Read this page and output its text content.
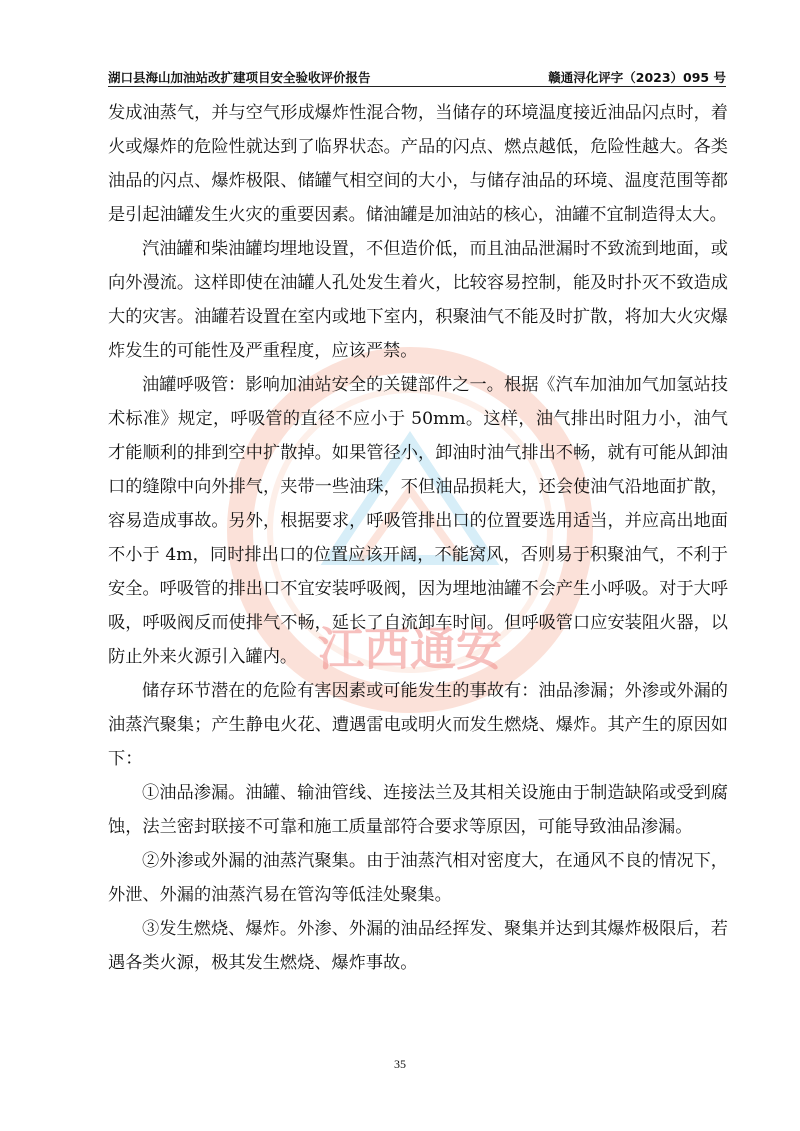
湖口县海山加油站改扩建项目安全验收评价报告	赣通浔化评字（2023）095 号
江西通安

发成油蒸气，并与空气形成爆炸性混合物，当储存的环境温度接近油品闪点时，着火或爆炸的危险性就达到了临界状态。产品的闪点、燃点越低，危险性越大。各类油品的闪点、爆炸极限、储罐气相空间的大小，与储存油品的环境、温度范围等都是引起油罐发生火灾的重要因素。储油罐是加油站的核心，油罐不宜制造得太大。

汽油罐和柴油罐均埋地设置，不但造价低，而且油品泄漏时不致流到地面，或向外漫流。这样即使在油罐人孔处发生着火，比较容易控制，能及时扑灭不致造成大的灾害。油罐若设置在室内或地下室内，积聚油气不能及时扩散，将加大火灾爆炸发生的可能性及严重程度，应该严禁。

油罐呼吸管：影响加油站安全的关键部件之一。根据《汽车加油加气加氢站技术标准》规定，呼吸管的直径不应小于 50mm。这样，油气排出时阻力小，油气才能顺利的排到空中扩散掉。如果管径小，卸油时油气排出不畅，就有可能从卸油口的缝隙中向外排气，夹带一些油珠，不但油品损耗大，还会使油气沿地面扩散，容易造成事故。另外，根据要求，呼吸管排出口的位置要选用适当，并应高出地面不小于 4m，同时排出口的位置应该开阔，不能窝风，否则易于积聚油气，不利于安全。呼吸管的排出口不宜安装呼吸阀，因为埋地油罐不会产生小呼吸。对于大呼吸，呼吸阀反而使排气不畅，延长了自流卸车时间。但呼吸管口应安装阻火器，以防止外来火源引入罐内。

储存环节潜在的危险有害因素或可能发生的事故有：油品渗漏；外渗或外漏的油蒸汽聚集；产生静电火花、遭遇雷电或明火而发生燃烧、爆炸。其产生的原因如下：

①油品渗漏。油罐、输油管线、连接法兰及其相关设施由于制造缺陷或受到腐蚀，法兰密封联接不可靠和施工质量部符合要求等原因，可能导致油品渗漏。

②外渗或外漏的油蒸汽聚集。由于油蒸汽相对密度大，在通风不良的情况下，外泄、外漏的油蒸汽易在管沟等低洼处聚集。

③发生燃烧、爆炸。外渗、外漏的油品经挥发、聚集并达到其爆炸极限后，若遇各类火源，极其发生燃烧、爆炸事故。

35
